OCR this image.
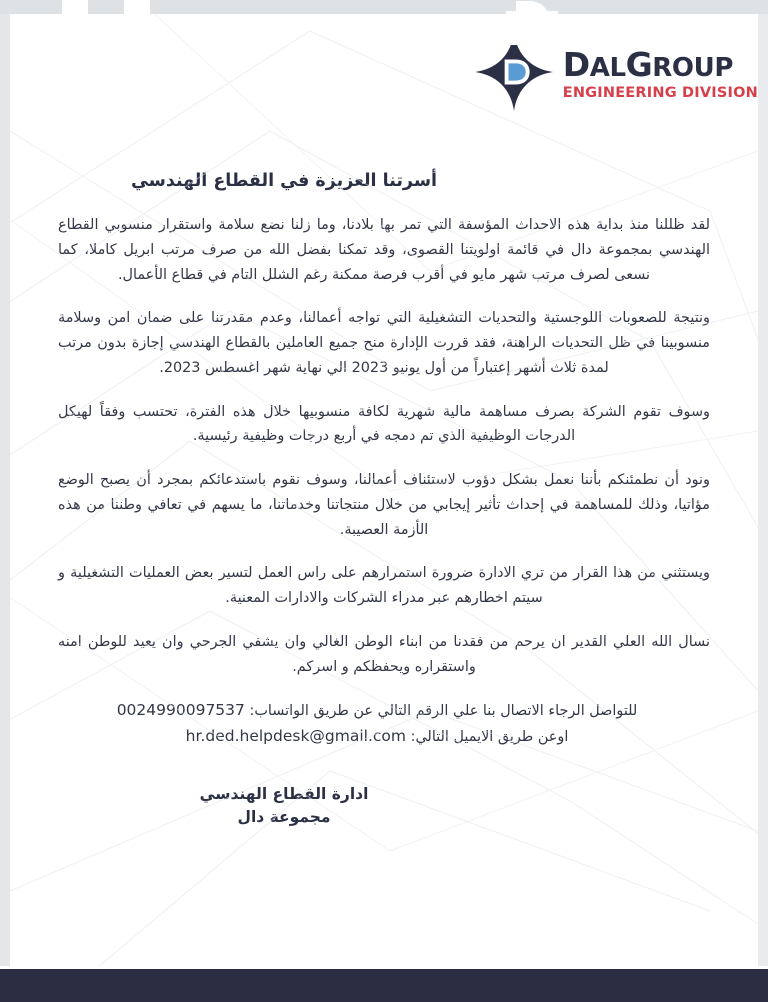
DALGROUP
ENGINEERING DIVISION
أسرتنا العزيزة في القطاع الهندسي

لقد ظللنا منذ بداية هذه الاحداث المؤسفة التي تمر بها بلادنا، وما زلنا نضع سلامة واستقرار منسوبي القطاع الهندسي بمجموعة دال في قائمة اولويتنا القصوى، وقد تمكنا بفضل الله من صرف مرتب ابريل كاملا، كما نسعى لصرف مرتب شهر مايو في أقرب فرصة ممكنة رغم الشلل التام في قطاع الأعمال.

ونتيجة للصعوبات اللوجستية والتحديات التشغيلية التي تواجه أعمالنا، وعدم مقدرتنا على ضمان امن وسلامة منسوبينا في ظل التحديات الراهنة، فقد قررت الإدارة منح جميع العاملين بالقطاع الهندسي إجازة بدون مرتب لمدة ثلاث أشهر إعتباراً من أول يونيو 2023 الي نهاية شهر اغسطس 2023.

وسوف تقوم الشركة بصرف مساهمة مالية شهرية لكافة منسوبيها خلال هذه الفترة، تحتسب وفقاً لهيكل الدرجات الوظيفية الذي تم دمجه في أربع درجات وظيفية رئيسية.

ونود أن نطمئنكم بأننا نعمل بشكل دؤوب لاستئناف أعمالنا، وسوف نقوم باستدعائكم بمجرد أن يصبح الوضع مؤاتيا، وذلك للمساهمة في إحداث تأثير إيجابي من خلال منتجاتنا وخدماتنا، ما يسهم في تعافي وطننا من هذه الأزمة العصيبة.

ويستثني من هذا القرار من تري الادارة ضرورة استمرارهم على راس العمل لتسير بعض العمليات التشغيلية و سيتم اخطارهم عبر مدراء الشركات والادارات المعنية.

نسال الله العلي القدير ان يرحم من فقدنا من ابناء الوطن الغالي وان يشفي الجرحي وان يعيد للوطن امنه واستقراره ويحفظكم و اسركم.

للتواصل الرجاء الاتصال بنا علي الرقم التالي عن طريق الواتساب: 0024990097537
اوعن طريق الايميل التالي: hr.ded.helpdesk@gmail.com
ادارة القطاع الهندسي
مجموعة دال
